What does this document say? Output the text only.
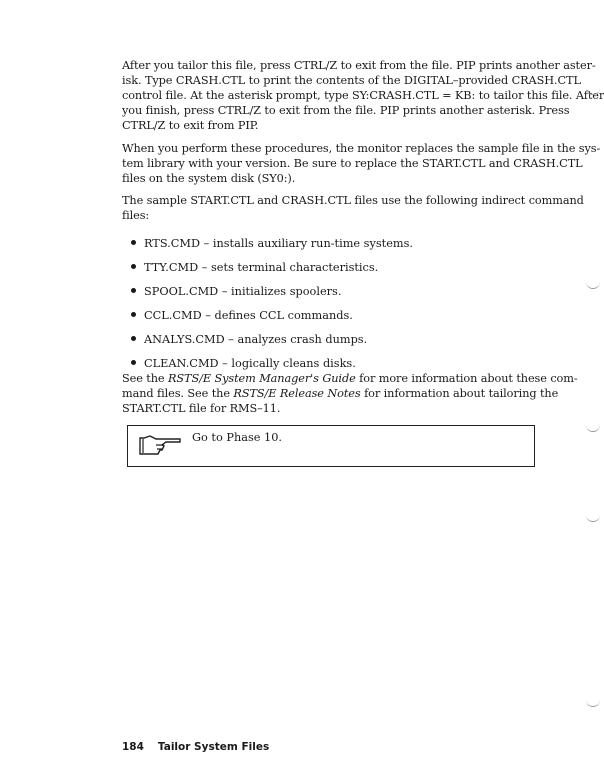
After you tailor this file, press CTRL/Z to exit from the file. PIP prints another aster-
isk. Type CRASH.CTL to print the contents of the DIGITAL–provided CRASH.CTL
control file. At the asterisk prompt, type SY:CRASH.CTL = KB: to tailor this file. After
you finish, press CTRL/Z to exit from the file. PIP prints another asterisk. Press
CTRL/Z to exit from PIP.
When you perform these procedures, the monitor replaces the sample file in the sys-
tem library with your version. Be sure to replace the START.CTL and CRASH.CTL
files on the system disk (SY0:).
The sample START.CTL and CRASH.CTL files use the following indirect command
files:
RTS.CMD – installs auxiliary run-time systems.
TTY.CMD – sets terminal characteristics.
SPOOL.CMD – initializes spoolers.
CCL.CMD – defines CCL commands.
ANALYS.CMD – analyzes crash dumps.
CLEAN.CMD – logically cleans disks.
See the RSTS/E System Manager's Guide for more information about these com-
mand files. See the RSTS/E Release Notes for information about tailoring the
START.CTL file for RMS–11.
Go to Phase 10.
184 Tailor System Files
